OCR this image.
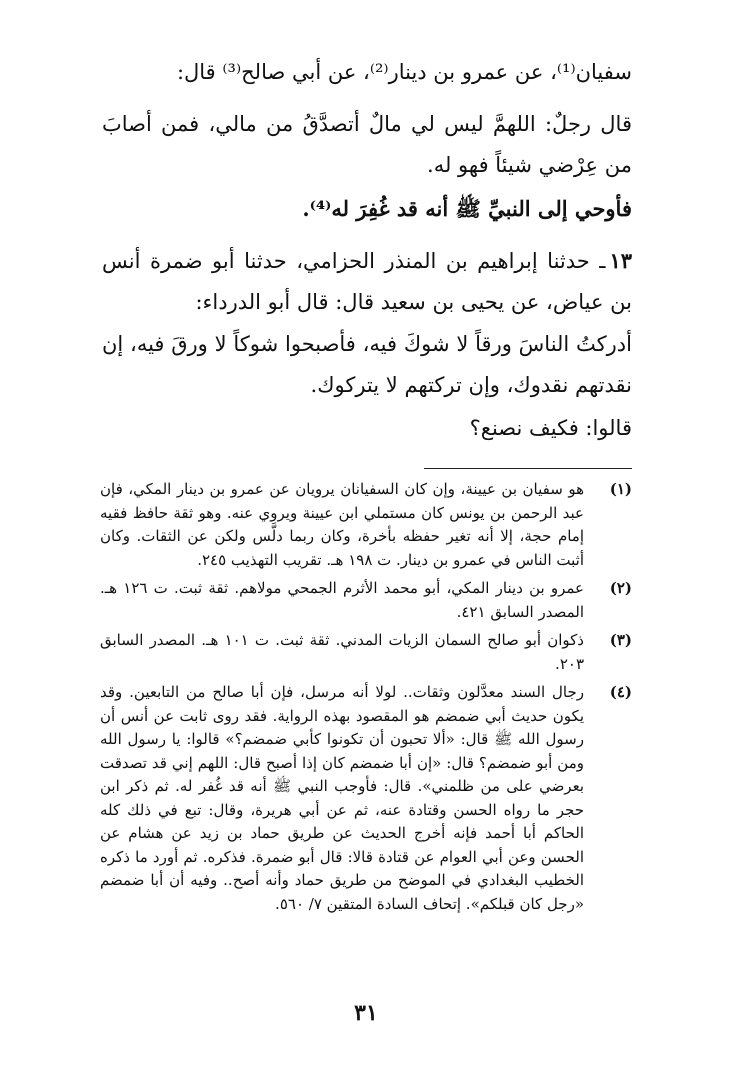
سفيان⁽¹⁾، عن عمرو بن دينار⁽²⁾، عن أبي صالح⁽³⁾ قال:

قال رجلٌ: اللهمَّ ليس لي مالٌ أتصدَّقُ من مالي، فمن أصابَ من عِرْضي شيئاً فهو له.

فأوحي إلى النبيِّ ﷺ أنه قد غُفِرَ له⁽⁴⁾.

١٣ـ حدثنا إبراهيم بن المنذر الحزامي، حدثنا أبو ضمرة أنس بن عياض، عن يحيى بن سعيد قال: قال أبو الدرداء:

أدركتُ الناسَ ورقاً لا شوكَ فيه، فأصبحوا شوكاً لا ورقَ فيه، إن نقدتهم نقدوك، وإن تركتهم لا يتركوك.

قالوا: فكيف نصنع؟

(١)
هو سفيان بن عيينة، وإن كان السفيانان يرويان عن عمرو بن دينار المكي، فإن عبد الرحمن بن يونس كان مستملي ابن عيينة ويروي عنه. وهو ثقة حافظ فقيه إمام حجة، إلا أنه تغير حفظه بأخرة، وكان ربما دلَّس ولكن عن الثقات. وكان أثبت الناس في عمرو بن دينار. ت ١٩٨ هـ. تقريب التهذيب ٢٤٥.
(٢)
عمرو بن دينار المكي، أبو محمد الأثرم الجمحي مولاهم. ثقة ثبت. ت ١٢٦ هـ. المصدر السابق ٤٢١.
(٣)
ذكوان أبو صالح السمان الزيات المدني. ثقة ثبت. ت ١٠١ هـ. المصدر السابق ٢٠٣.
(٤)
رجال السند معدَّلون وثقات.. لولا أنه مرسل، فإن أبا صالح من التابعين. وقد يكون حديث أبي ضمضم هو المقصود بهذه الرواية. فقد روى ثابت عن أنس أن رسول الله ﷺ قال: «ألا تحبون أن تكونوا كأبي ضمضم؟» قالوا: يا رسول الله ومن أبو ضمضم؟ قال: «إن أبا ضمضم كان إذا أصبح قال: اللهم إني قد تصدقت بعرضي على من ظلمني». قال: فأوجب النبي ﷺ أنه قد غُفر له. ثم ذكر ابن حجر ما رواه الحسن وقتادة عنه، ثم عن أبي هريرة، وقال: تبع في ذلك كله الحاكم أبا أحمد فإنه أخرج الحديث عن طريق حماد بن زيد عن هشام عن الحسن وعن أبي العوام عن قتادة قالا: قال أبو ضمرة. فذكره. ثم أورد ما ذكره الخطيب البغدادي في الموضح من طريق حماد وأنه أصح.. وفيه أن أبا ضمضم «رجل كان قبلكم». إتحاف السادة المتقين ٧/ ٥٦٠.
٣١
